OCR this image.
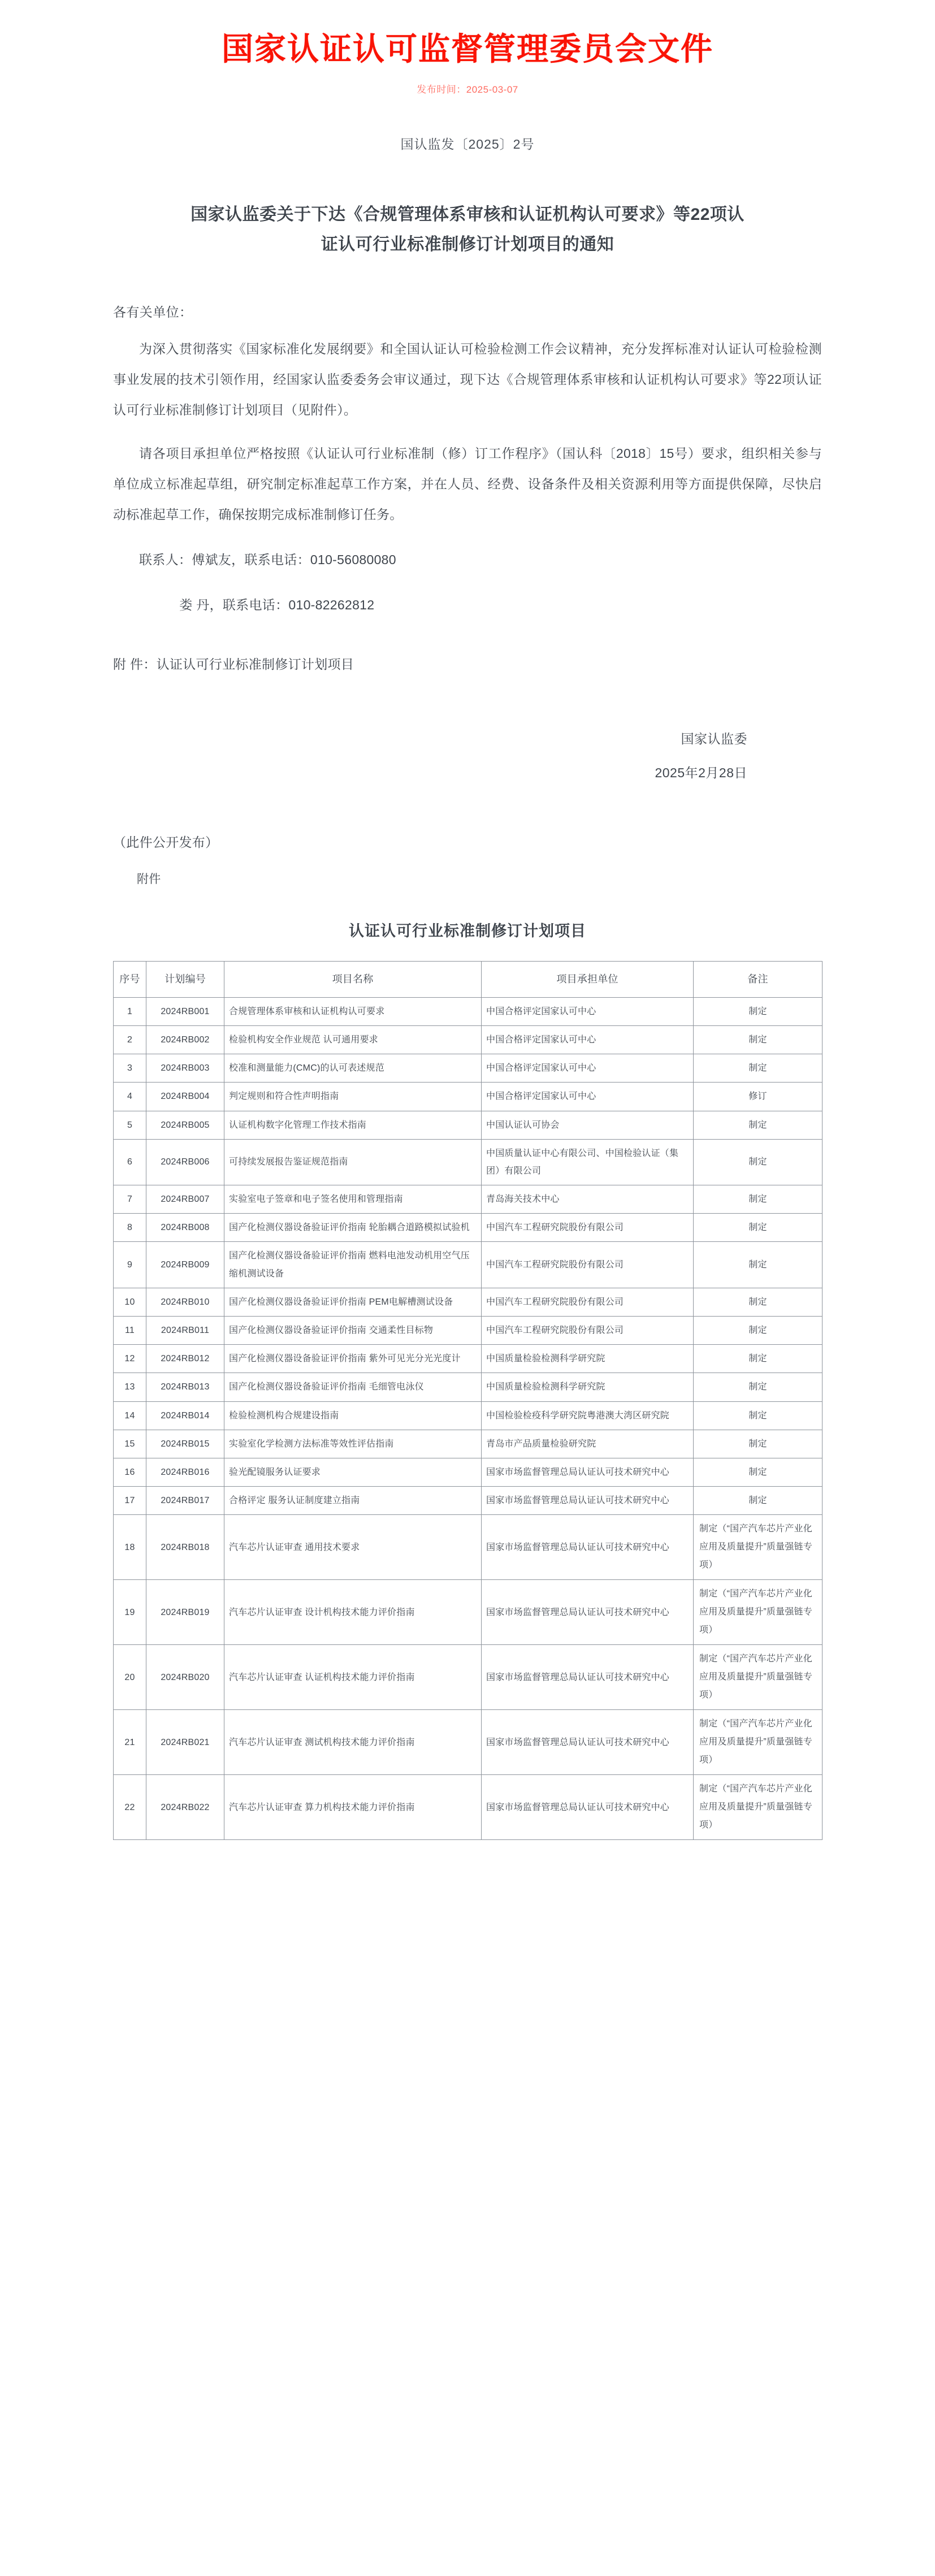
国家认证认可监督管理委员会文件
发布时间：2025-03-07
国认监发〔2025〕2号
国家认监委关于下达《合规管理体系审核和认证机构认可要求》等22项认证认可行业标准制修订计划项目的通知
各有关单位：

为深入贯彻落实《国家标准化发展纲要》和全国认证认可检验检测工作会议精神，充分发挥标准对认证认可检验检测事业发展的技术引领作用，经国家认监委委务会审议通过，现下达《合规管理体系审核和认证机构认可要求》等22项认证认可行业标准制修订计划项目（见附件）。

请各项目承担单位严格按照《认证认可行业标准制（修）订工作程序》（国认科〔2018〕15号）要求，组织相关参与单位成立标准起草组，研究制定标准起草工作方案，并在人员、经费、设备条件及相关资源利用等方面提供保障，尽快启动标准起草工作，确保按期完成标准制修订任务。

联系人：傅斌友，联系电话：010-56080080
娄 丹，联系电话：010-82262812
附 件：认证认可行业标准制修订计划项目
国家认监委
2025年2月28日
（此件公开发布）
附件
认证认可行业标准制修订计划项目
序号	计划编号	项目名称	项目承担单位	备注
1	2024RB001	合规管理体系审核和认证机构认可要求	中国合格评定国家认可中心	制定
2	2024RB002	检验机构安全作业规范 认可通用要求	中国合格评定国家认可中心	制定
3	2024RB003	校准和测量能力(CMC)的认可表述规范	中国合格评定国家认可中心	制定
4	2024RB004	判定规则和符合性声明指南	中国合格评定国家认可中心	修订
5	2024RB005	认证机构数字化管理工作技术指南	中国认证认可协会	制定
6	2024RB006	可持续发展报告鉴证规范指南	中国质量认证中心有限公司、中国检验认证（集团）有限公司	制定
7	2024RB007	实验室电子签章和电子签名使用和管理指南	青岛海关技术中心	制定
8	2024RB008	国产化检测仪器设备验证评价指南 轮胎耦合道路模拟试验机	中国汽车工程研究院股份有限公司	制定
9	2024RB009	国产化检测仪器设备验证评价指南 燃料电池发动机用空气压缩机测试设备	中国汽车工程研究院股份有限公司	制定
10	2024RB010	国产化检测仪器设备验证评价指南 PEM电解槽测试设备	中国汽车工程研究院股份有限公司	制定
11	2024RB011	国产化检测仪器设备验证评价指南 交通柔性目标物	中国汽车工程研究院股份有限公司	制定
12	2024RB012	国产化检测仪器设备验证评价指南 紫外可见光分光光度计	中国质量检验检测科学研究院	制定
13	2024RB013	国产化检测仪器设备验证评价指南 毛细管电泳仪	中国质量检验检测科学研究院	制定
14	2024RB014	检验检测机构合规建设指南	中国检验检疫科学研究院粤港澳大湾区研究院	制定
15	2024RB015	实验室化学检测方法标准等效性评估指南	青岛市产品质量检验研究院	制定
16	2024RB016	验光配镜服务认证要求	国家市场监督管理总局认证认可技术研究中心	制定
17	2024RB017	合格评定 服务认证制度建立指南	国家市场监督管理总局认证认可技术研究中心	制定
18	2024RB018	汽车芯片认证审查 通用技术要求	国家市场监督管理总局认证认可技术研究中心	制定（“国产汽车芯片产业化应用及质量提升”质量强链专项）
19	2024RB019	汽车芯片认证审查 设计机构技术能力评价指南	国家市场监督管理总局认证认可技术研究中心	制定（“国产汽车芯片产业化应用及质量提升”质量强链专项）
20	2024RB020	汽车芯片认证审查 认证机构技术能力评价指南	国家市场监督管理总局认证认可技术研究中心	制定（“国产汽车芯片产业化应用及质量提升”质量强链专项）
21	2024RB021	汽车芯片认证审查 测试机构技术能力评价指南	国家市场监督管理总局认证认可技术研究中心	制定（“国产汽车芯片产业化应用及质量提升”质量强链专项）
22	2024RB022	汽车芯片认证审查 算力机构技术能力评价指南	国家市场监督管理总局认证认可技术研究中心	制定（“国产汽车芯片产业化应用及质量提升”质量强链专项）
